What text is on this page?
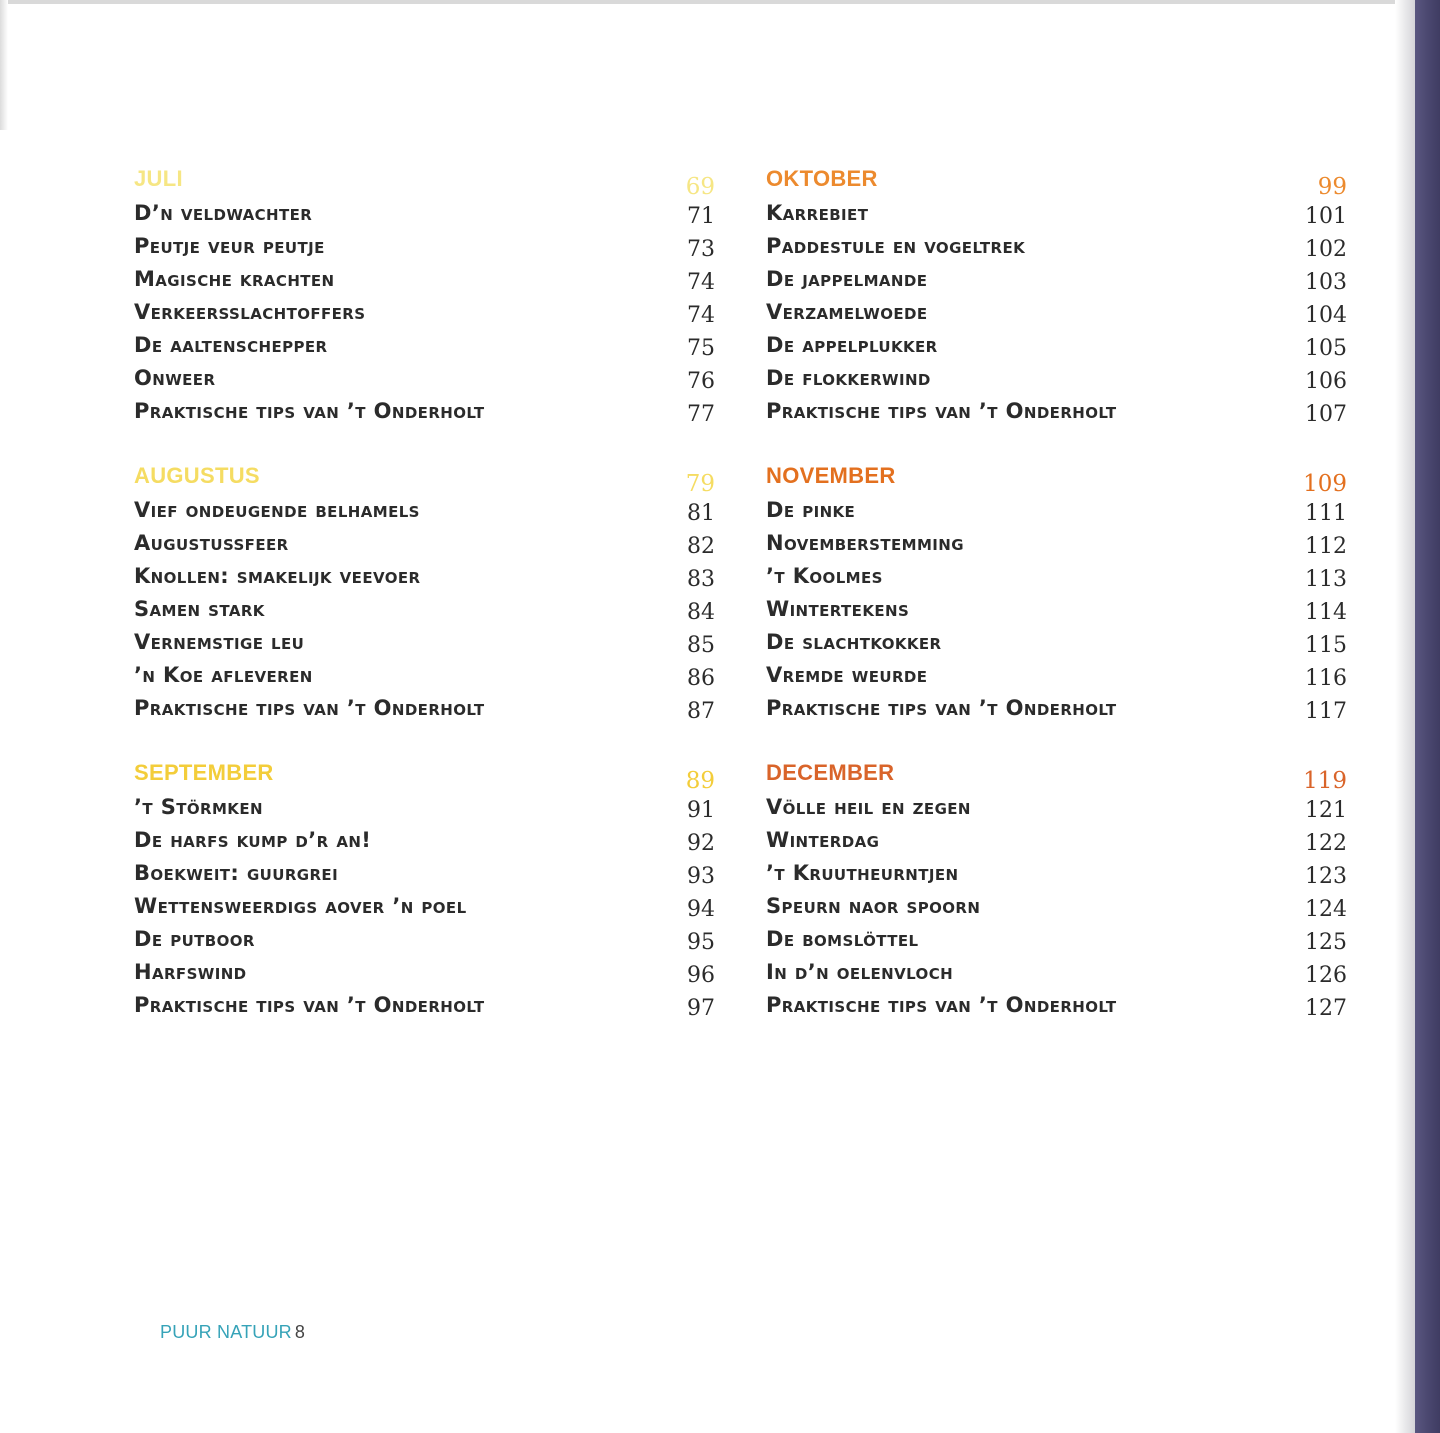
JULI	69
D’n veldwachter	71
Peutje veur peutje	73
Magische krachten	74
Verkeersslachtoffers	74
De aaltenschepper	75
Onweer	76
Praktische tips van ’t Onderholt	77
AUGUSTUS	79
Vief ondeugende belhamels	81
Augustussfeer	82
Knollen: smakelijk veevoer	83
Samen stark	84
Vernemstige leu	85
’n Koe afleveren	86
Praktische tips van ’t Onderholt	87
SEPTEMBER	89
’t Störmken	91
De harfs kump d’r an!	92
Boekweit: guurgrei	93
Wettensweerdigs aover ’n poel	94
De putboor	95
Harfswind	96
Praktische tips van ’t Onderholt	97
OKTOBER	99
Karrebiet	101
Paddestule en vogeltrek	102
De jappelmande	103
Verzamelwoede	104
De appelplukker	105
De flokkerwind	106
Praktische tips van ’t Onderholt	107
NOVEMBER	109
De pinke	111
Novemberstemming	112
’t Koolmes	113
Wintertekens	114
De slachtkokker	115
Vremde weurde	116
Praktische tips van ’t Onderholt	117
DECEMBER	119
Völle heil en zegen	121
Winterdag	122
’t Kruutheurntjen	123
Speurn naor spoorn	124
De bomslöttel	125
In d’n oelenvloch	126
Praktische tips van ’t Onderholt	127
PUUR NATUUR 8
